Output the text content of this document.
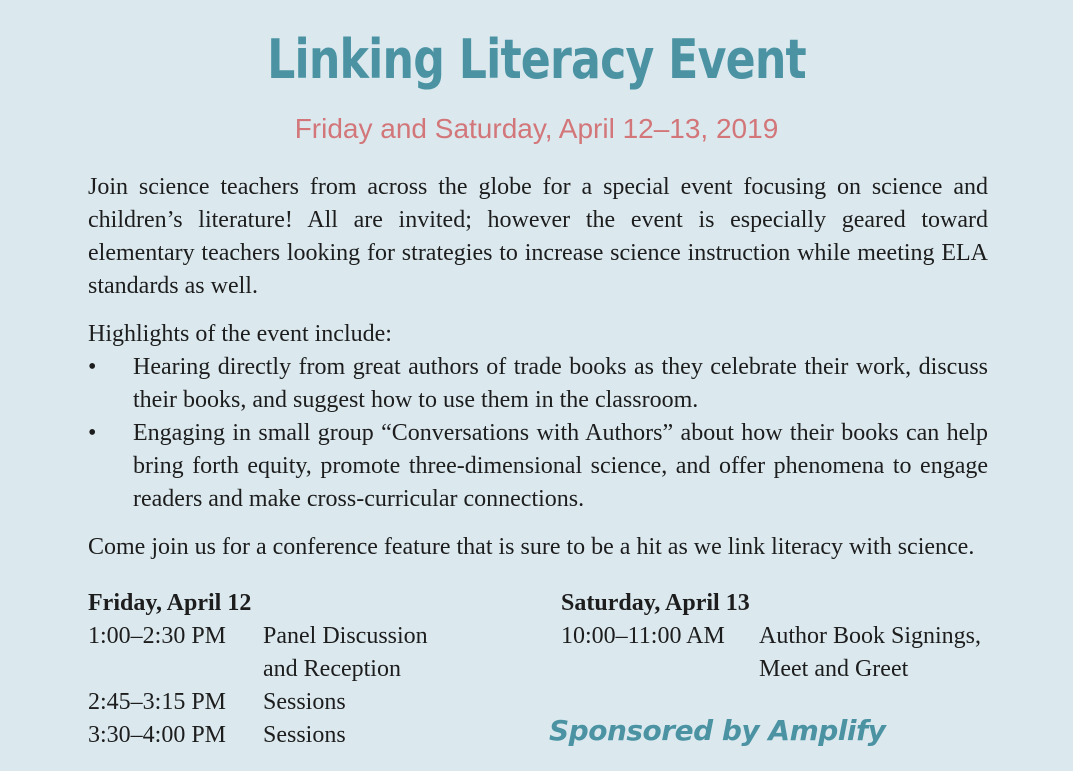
Linking Literacy Event
Friday and Saturday, April 12–13, 2019
Join science teachers from across the globe for a special event focusing on science and children’s literature! All are invited; however the event is especially geared toward elementary teachers looking for strategies to increase science instruction while meeting ELA standards as well.
Highlights of the event include:
• Hearing directly from great authors of trade books as they celebrate their work, discuss their books, and suggest how to use them in the classroom.
• Engaging in small group “Conversations with Authors” about how their books can help bring forth equity, promote three-dimensional science, and offer phenomena to engage readers and make cross-curricular connections.
Come join us for a conference feature that is sure to be a hit as we link literacy with science.
Friday, April 12
1:00–2:30 PM	Panel Discussion
and Reception
2:45–3:15 PM	Sessions
3:30–4:00 PM	Sessions
Saturday, April 13
10:00–11:00 AM	Author Book Signings,
Meet and Greet
Sponsored by Amplify
